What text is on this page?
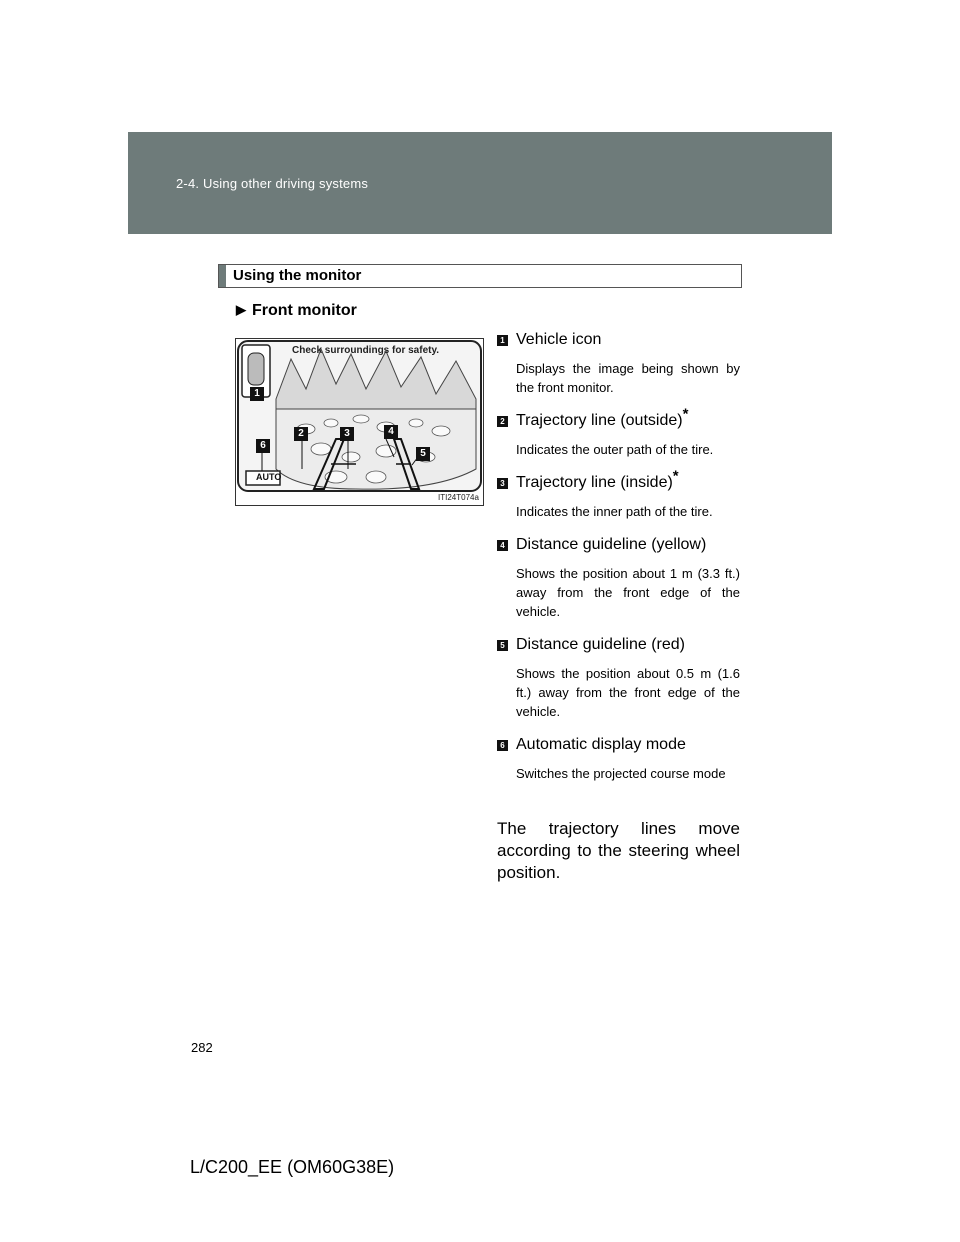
2-4. Using other driving systems
Using the monitor
▶ Front monitor
Check surroundings for safety.
AUTO
1
2	3	4
5
6
ITI24T074a
1 Vehicle icon
Displays the image being shown by the front monitor.
2 Trajectory line (outside)*
Indicates the outer path of the tire.
3 Trajectory line (inside)*
Indicates the inner path of the tire.
4 Distance guideline (yellow)
Shows the position about 1 m (3.3 ft.) away from the front edge of the vehicle.
5 Distance guideline (red)
Shows the position about 0.5 m (1.6 ft.) away from the front edge of the vehicle.
6 Automatic display mode
Switches the projected course mode
The trajectory lines move according to the steering wheel position.
282
L/C200_EE (OM60G38E)
